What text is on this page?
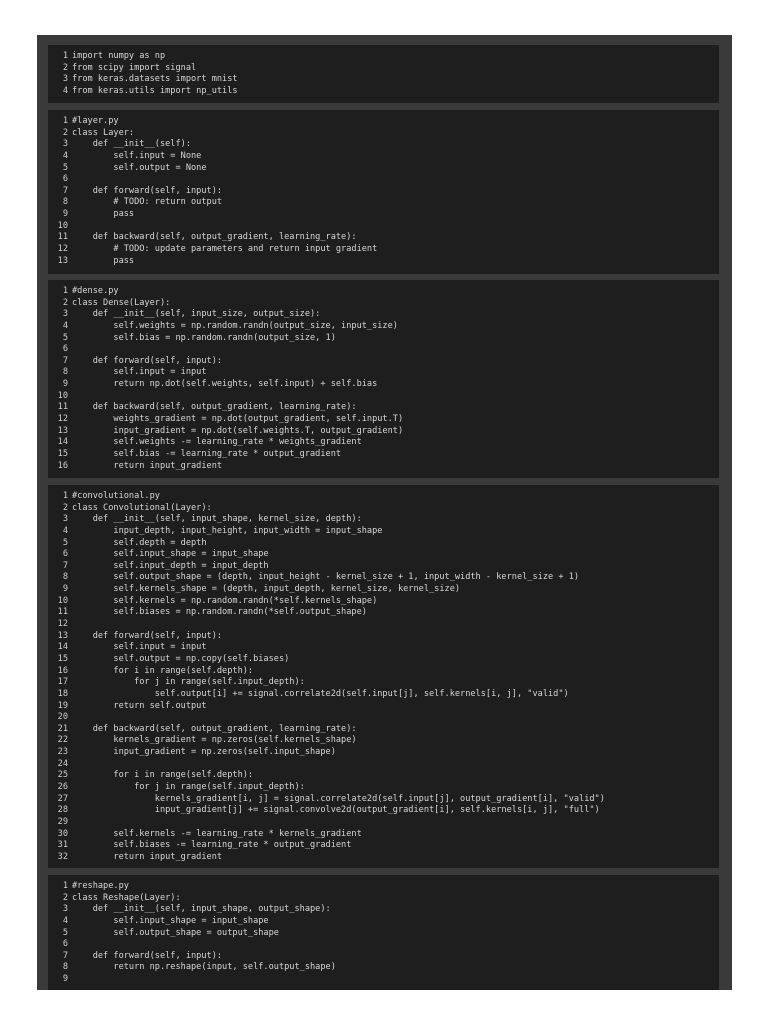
1 import numpy as np
2 from scipy import signal
3 from keras.datasets import mnist
4 from keras.utils import np_utils
1 #layer.py
2 class Layer:
3    def __init__(self):
4        self.input = None
5        self.output = None
6
7    def forward(self, input):
8        # TODO: return output
9        pass
10
11    def backward(self, output_gradient, learning_rate):
12        # TODO: update parameters and return input gradient
13        pass
1 #dense.py
2 class Dense(Layer):
3    def __init__(self, input_size, output_size):
4        self.weights = np.random.randn(output_size, input_size)
5        self.bias = np.random.randn(output_size, 1)
6
7    def forward(self, input):
8        self.input = input
9        return np.dot(self.weights, self.input) + self.bias
10
11    def backward(self, output_gradient, learning_rate):
12        weights_gradient = np.dot(output_gradient, self.input.T)
13        input_gradient = np.dot(self.weights.T, output_gradient)
14        self.weights -= learning_rate * weights_gradient
15        self.bias -= learning_rate * output_gradient
16        return input_gradient
1 #convolutional.py
2 class Convolutional(Layer):
3    def __init__(self, input_shape, kernel_size, depth):
4        input_depth, input_height, input_width = input_shape
5        self.depth = depth
6        self.input_shape = input_shape
7        self.input_depth = input_depth
8        self.output_shape = (depth, input_height - kernel_size + 1, input_width - kernel_size + 1)
9        self.kernels_shape = (depth, input_depth, kernel_size, kernel_size)
10        self.kernels = np.random.randn(*self.kernels_shape)
11        self.biases = np.random.randn(*self.output_shape)
12
13    def forward(self, input):
14        self.input = input
15        self.output = np.copy(self.biases)
16        for i in range(self.depth):
17            for j in range(self.input_depth):
18                self.output[i] += signal.correlate2d(self.input[j], self.kernels[i, j], "valid")
19        return self.output
20
21    def backward(self, output_gradient, learning_rate):
22        kernels_gradient = np.zeros(self.kernels_shape)
23        input_gradient = np.zeros(self.input_shape)
24
25        for i in range(self.depth):
26            for j in range(self.input_depth):
27                kernels_gradient[i, j] = signal.correlate2d(self.input[j], output_gradient[i], "valid")
28                input_gradient[j] += signal.convolve2d(output_gradient[i], self.kernels[i, j], "full")
29
30        self.kernels -= learning_rate * kernels_gradient
31        self.biases -= learning_rate * output_gradient
32        return input_gradient
1 #reshape.py
2 class Reshape(Layer):
3    def __init__(self, input_shape, output_shape):
4        self.input_shape = input_shape
5        self.output_shape = output_shape
6
7    def forward(self, input):
8        return np.reshape(input, self.output_shape)
9
